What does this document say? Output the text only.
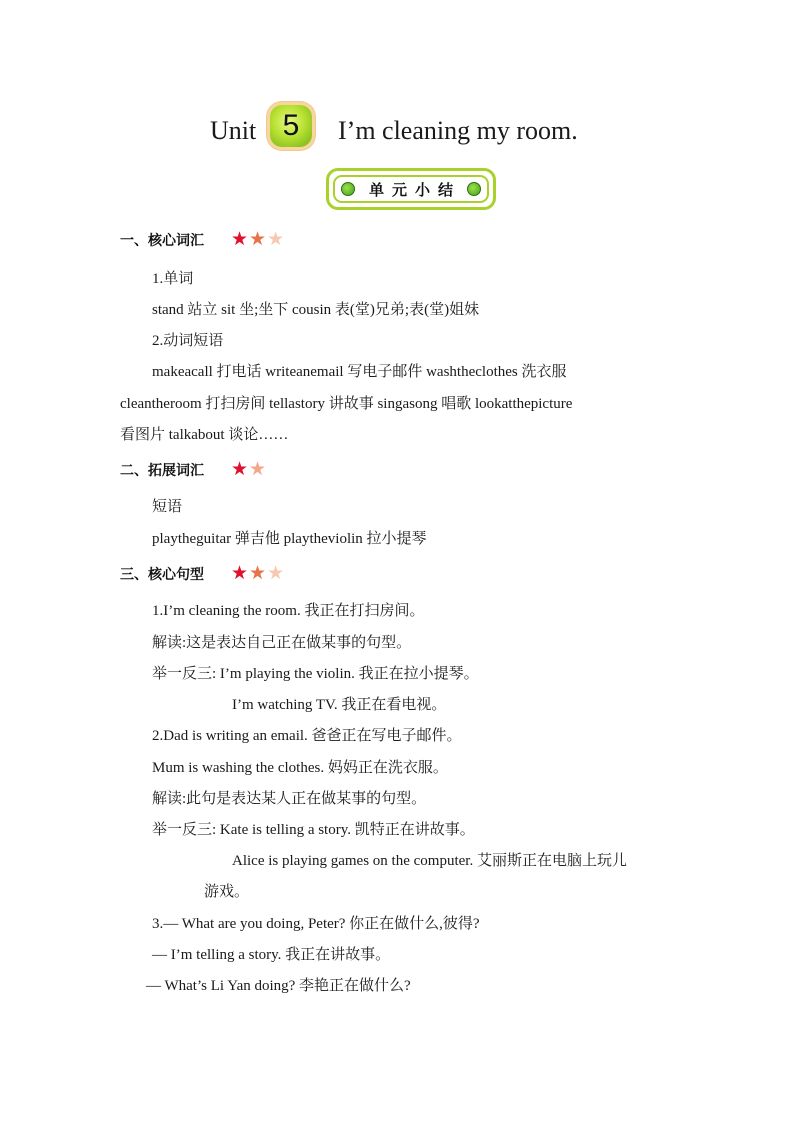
Unit 5 I’m cleaning my room.
单元小结
一、核心词汇 ★ ★ ★
1.单词
stand 站立 sit 坐;坐下 cousin 表(堂)兄弟;表(堂)姐妹
2.动词短语
makeacall 打电话 writeanemail 写电子邮件 washtheclothes 洗衣服
cleantheroom 打扫房间 tellastory 讲故事 singasong 唱歌 lookatthepicture
看图片 talkabout 谈论……
二、拓展词汇 ★ ★
短语
playtheguitar 弹吉他 playtheviolin 拉小提琴
三、核心句型 ★ ★ ★
1.I’m cleaning the room. 我正在打扫房间。
解读:这是表达自己正在做某事的句型。
举一反三: I’m playing the violin. 我正在拉小提琴。
I’m watching TV. 我正在看电视。
2.Dad is writing an email. 爸爸正在写电子邮件。
Mum is washing the clothes. 妈妈正在洗衣服。
解读:此句是表达某人正在做某事的句型。
举一反三: Kate is telling a story. 凯特正在讲故事。
Alice is playing games on the computer. 艾丽斯正在电脑上玩儿
游戏。
3.— What are you doing, Peter? 你正在做什么,彼得?
— I’m telling a story. 我正在讲故事。
— What’s Li Yan doing? 李艳正在做什么?
